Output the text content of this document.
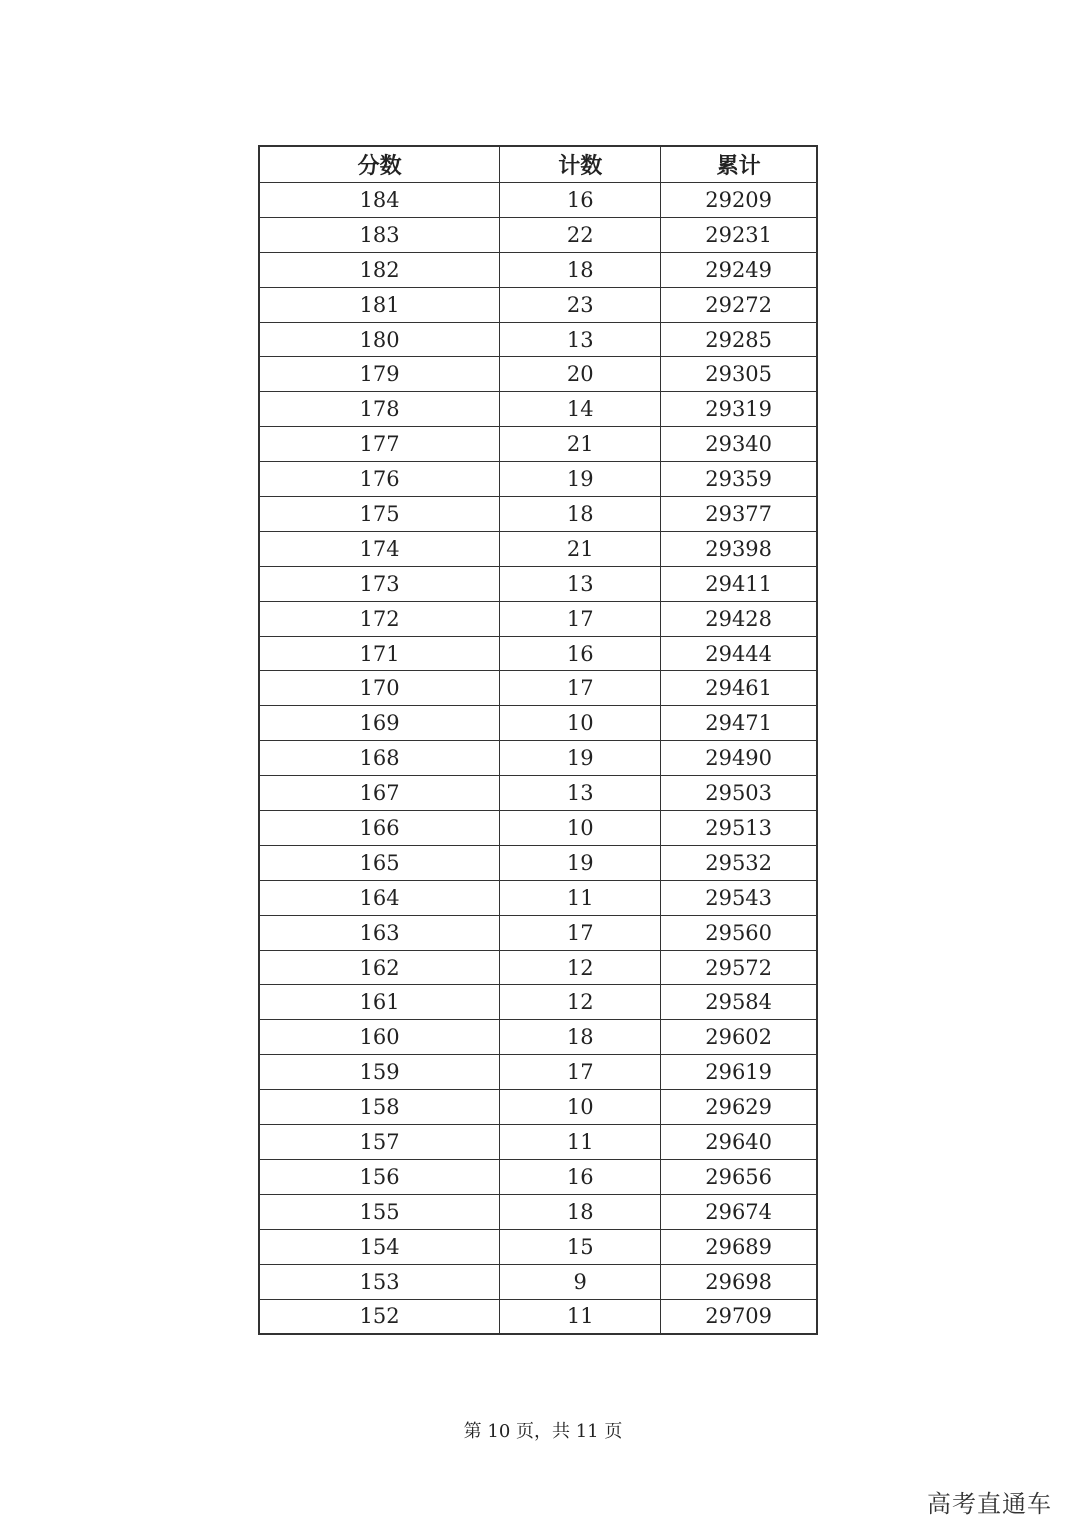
分数	计数	累计
184	16	29209
183	22	29231
182	18	29249
181	23	29272
180	13	29285
179	20	29305
178	14	29319
177	21	29340
176	19	29359
175	18	29377
174	21	29398
173	13	29411
172	17	29428
171	16	29444
170	17	29461
169	10	29471
168	19	29490
167	13	29503
166	10	29513
165	19	29532
164	11	29543
163	17	29560
162	12	29572
161	12	29584
160	18	29602
159	17	29619
158	10	29629
157	11	29640
156	16	29656
155	18	29674
154	15	29689
153	9	29698
152	11	29709
第 10 页，共 11 页
高考直通车
